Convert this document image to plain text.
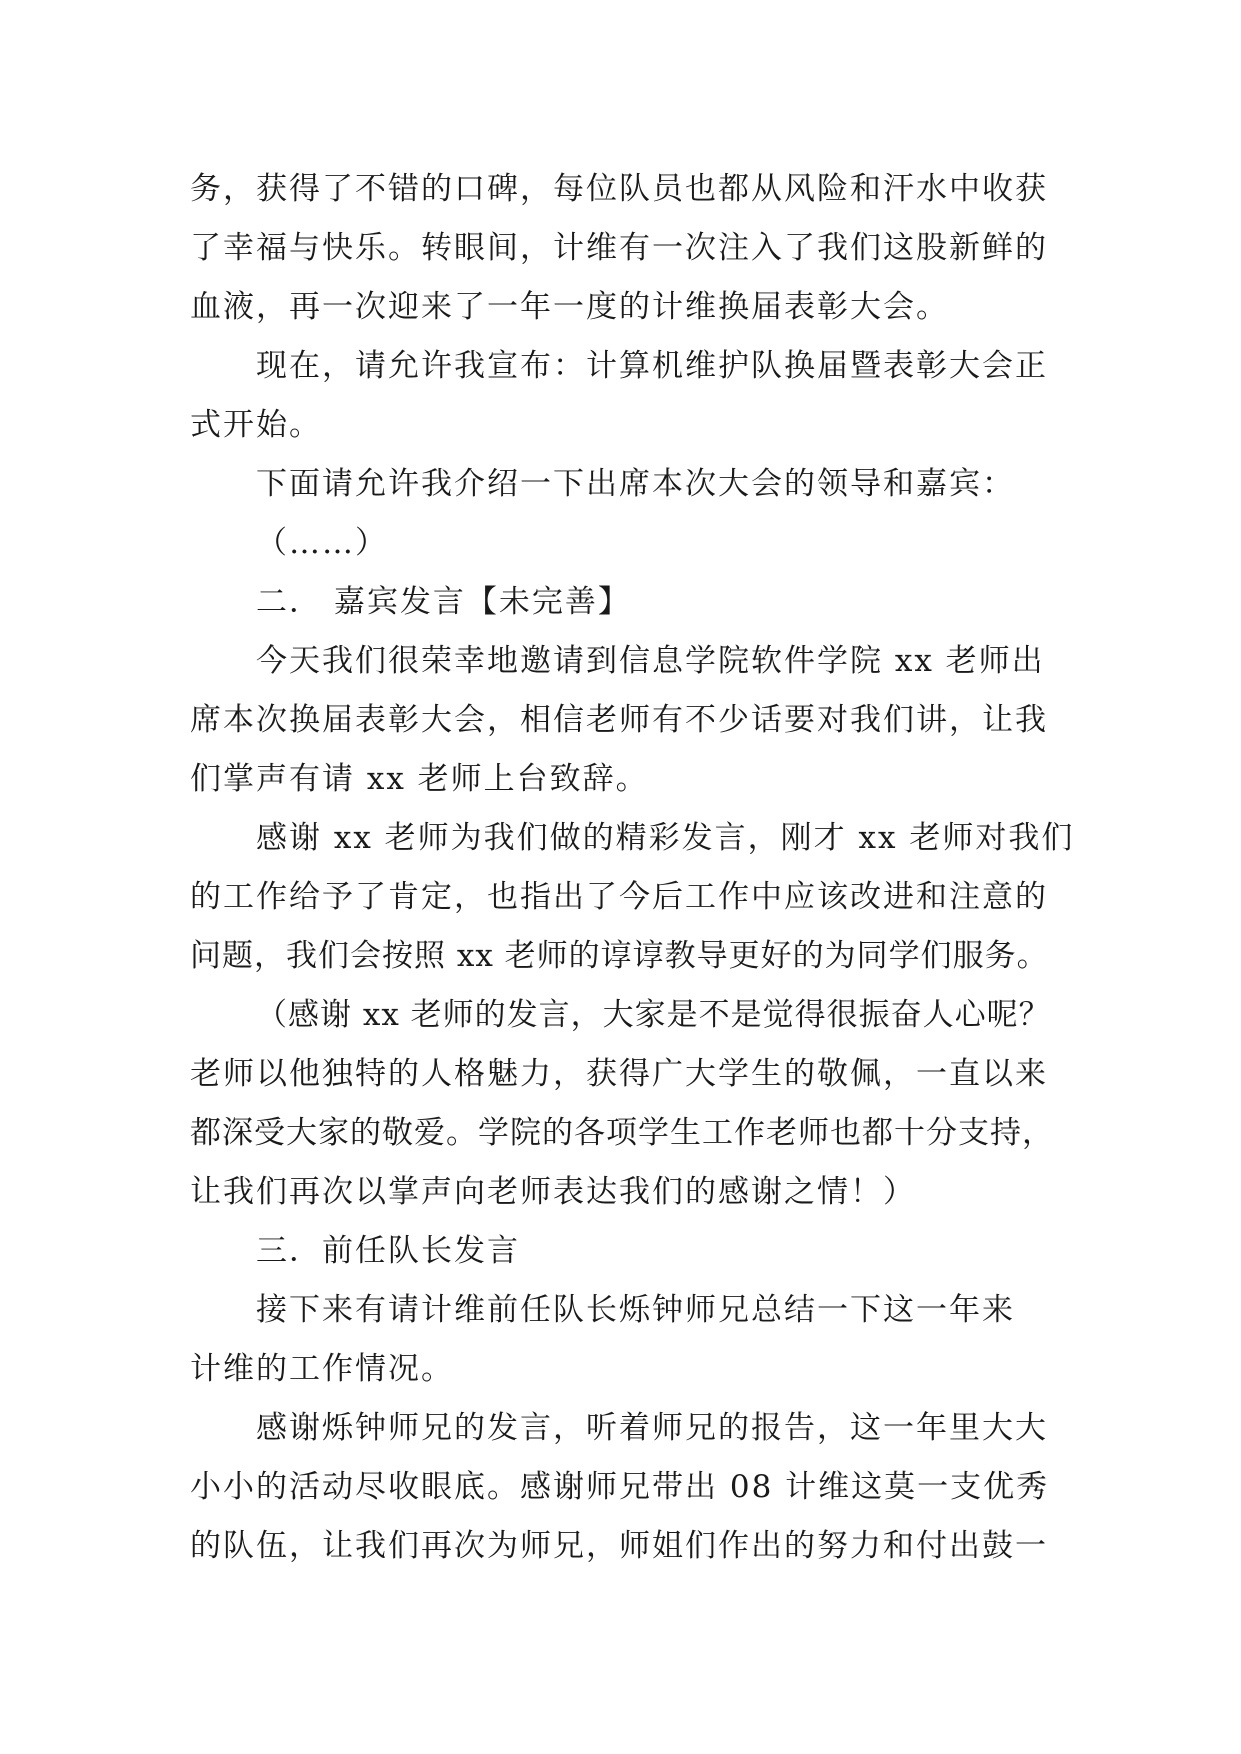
务，获得了不错的口碑，每位队员也都从风险和汗水中收获
了幸福与快乐。转眼间，计维有一次注入了我们这股新鲜的
血液，再一次迎来了一年一度的计维换届表彰大会。
现在，请允许我宣布：计算机维护队换届暨表彰大会正
式开始。
下面请允许我介绍一下出席本次大会的领导和嘉宾：
（……）
二． 嘉宾发言【未完善】
今天我们很荣幸地邀请到信息学院软件学院 xx 老师出
席本次换届表彰大会，相信老师有不少话要对我们讲，让我
们掌声有请 xx 老师上台致辞。
感谢 xx 老师为我们做的精彩发言，刚才 xx 老师对我们
的工作给予了肯定，也指出了今后工作中应该改进和注意的
问题，我们会按照 xx 老师的谆谆教导更好的为同学们服务。
（感谢 xx 老师的发言，大家是不是觉得很振奋人心呢？
老师以他独特的人格魅力，获得广大学生的敬佩，一直以来
都深受大家的敬爱。学院的各项学生工作老师也都十分支持，
让我们再次以掌声向老师表达我们的感谢之情！）
三．前任队长发言
接下来有请计维前任队长烁钟师兄总结一下这一年来
计维的工作情况。
感谢烁钟师兄的发言，听着师兄的报告，这一年里大大
小小的活动尽收眼底。感谢师兄带出 08 计维这莫一支优秀
的队伍，让我们再次为师兄，师姐们作出的努力和付出鼓一
